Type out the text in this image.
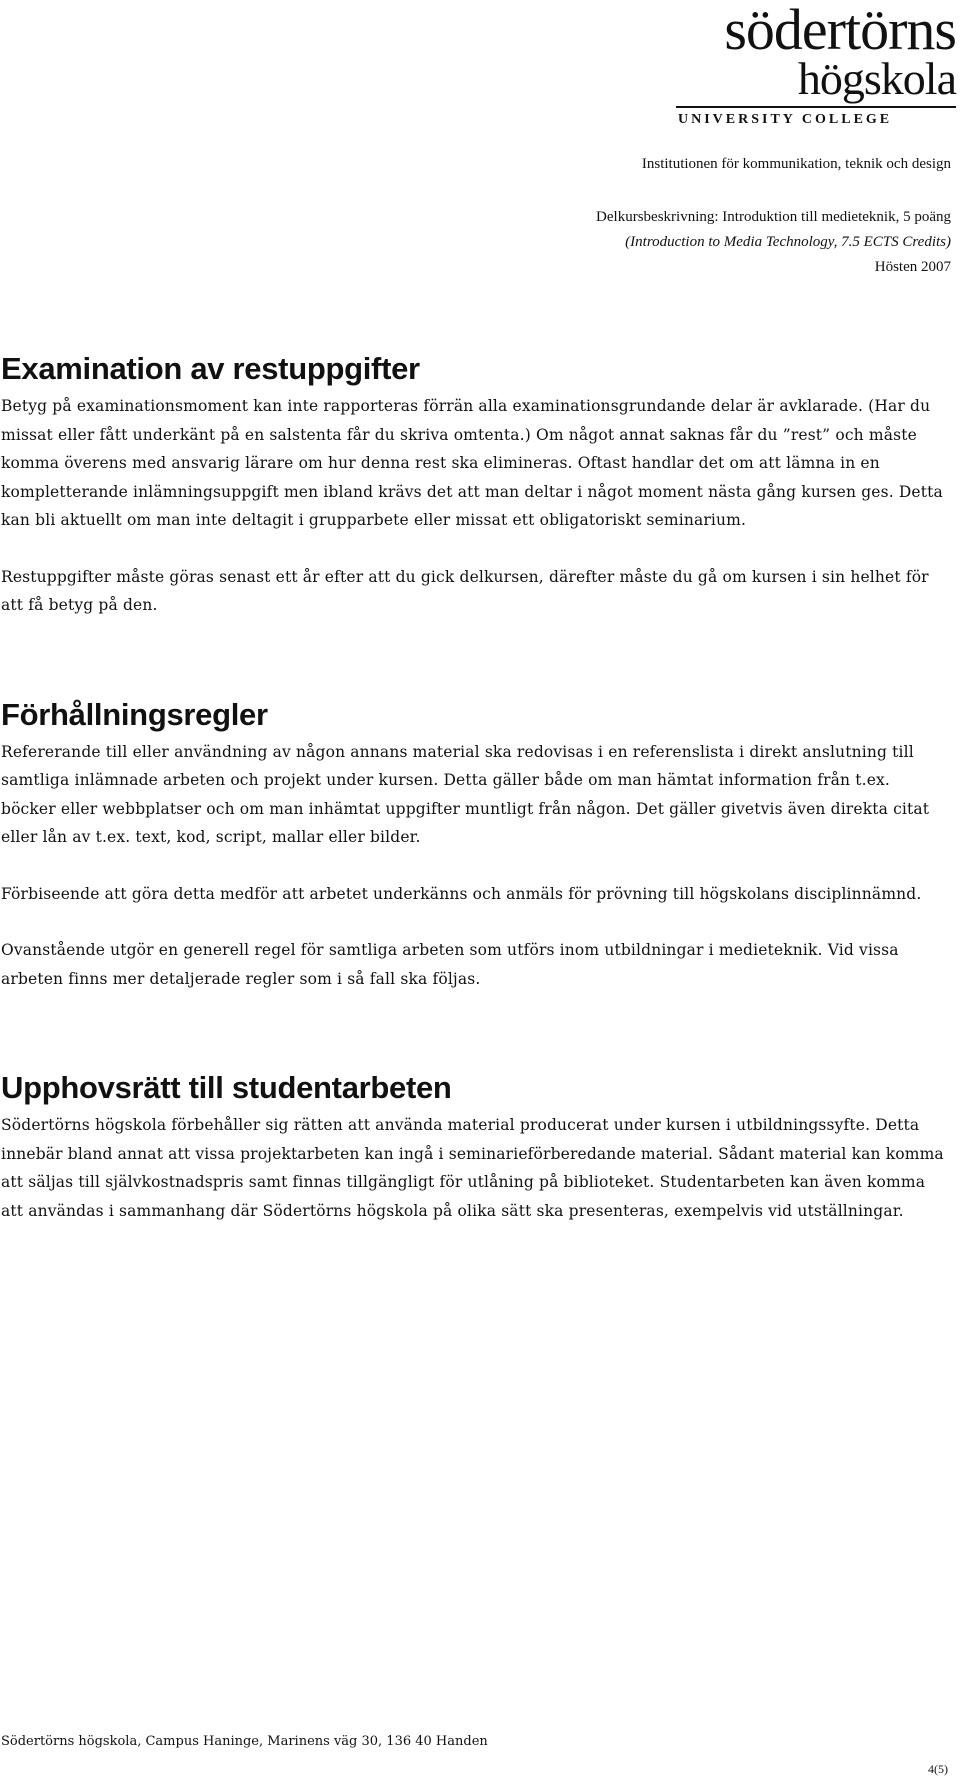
södertörns
högskola
UNIVERSITY COLLEGE
Institutionen för kommunikation, teknik och design
Delkursbeskrivning: Introduktion till medieteknik, 5 poäng
(Introduction to Media Technology, 7.5 ECTS Credits)
Hösten 2007
Examination av restuppgifter

Betyg på examinationsmoment kan inte rapporteras förrän alla examinationsgrundande delar är avklarade. (Har du missat eller fått underkänt på en salstenta får du skriva omtenta.) Om något annat saknas får du ”rest” och måste komma överens med ansvarig lärare om hur denna rest ska elimineras. Oftast handlar det om att lämna in en kompletterande inlämningsuppgift men ibland krävs det att man deltar i något moment nästa gång kursen ges. Detta kan bli aktuellt om man inte deltagit i grupparbete eller missat ett obligatoriskt seminarium.

Restuppgifter måste göras senast ett år efter att du gick delkursen, därefter måste du gå om kursen i sin helhet för att få betyg på den.

Förhållningsregler

Refererande till eller användning av någon annans material ska redovisas i en referenslista i direkt anslutning till samtliga inlämnade arbeten och projekt under kursen. Detta gäller både om man hämtat information från t.ex. böcker eller webbplatser och om man inhämtat uppgifter muntligt från någon. Det gäller givetvis även direkta citat eller lån av t.ex. text, kod, script, mallar eller bilder.

Förbiseende att göra detta medför att arbetet underkänns och anmäls för prövning till högskolans disciplinnämnd.

Ovanstående utgör en generell regel för samtliga arbeten som utförs inom utbildningar i medieteknik. Vid vissa arbeten finns mer detaljerade regler som i så fall ska följas.

Upphovsrätt till studentarbeten

Södertörns högskola förbehåller sig rätten att använda material producerat under kursen i utbildningssyfte. Detta innebär bland annat att vissa projektarbeten kan ingå i seminarieförberedande material. Sådant material kan komma att säljas till självkostnadspris samt finnas tillgängligt för utlåning på biblioteket. Studentarbeten kan även komma att användas i sammanhang där Södertörns högskola på olika sätt ska presenteras, exempelvis vid utställningar.

Södertörns högskola, Campus Haninge, Marinens väg 30, 136 40 Handen
4(5)
